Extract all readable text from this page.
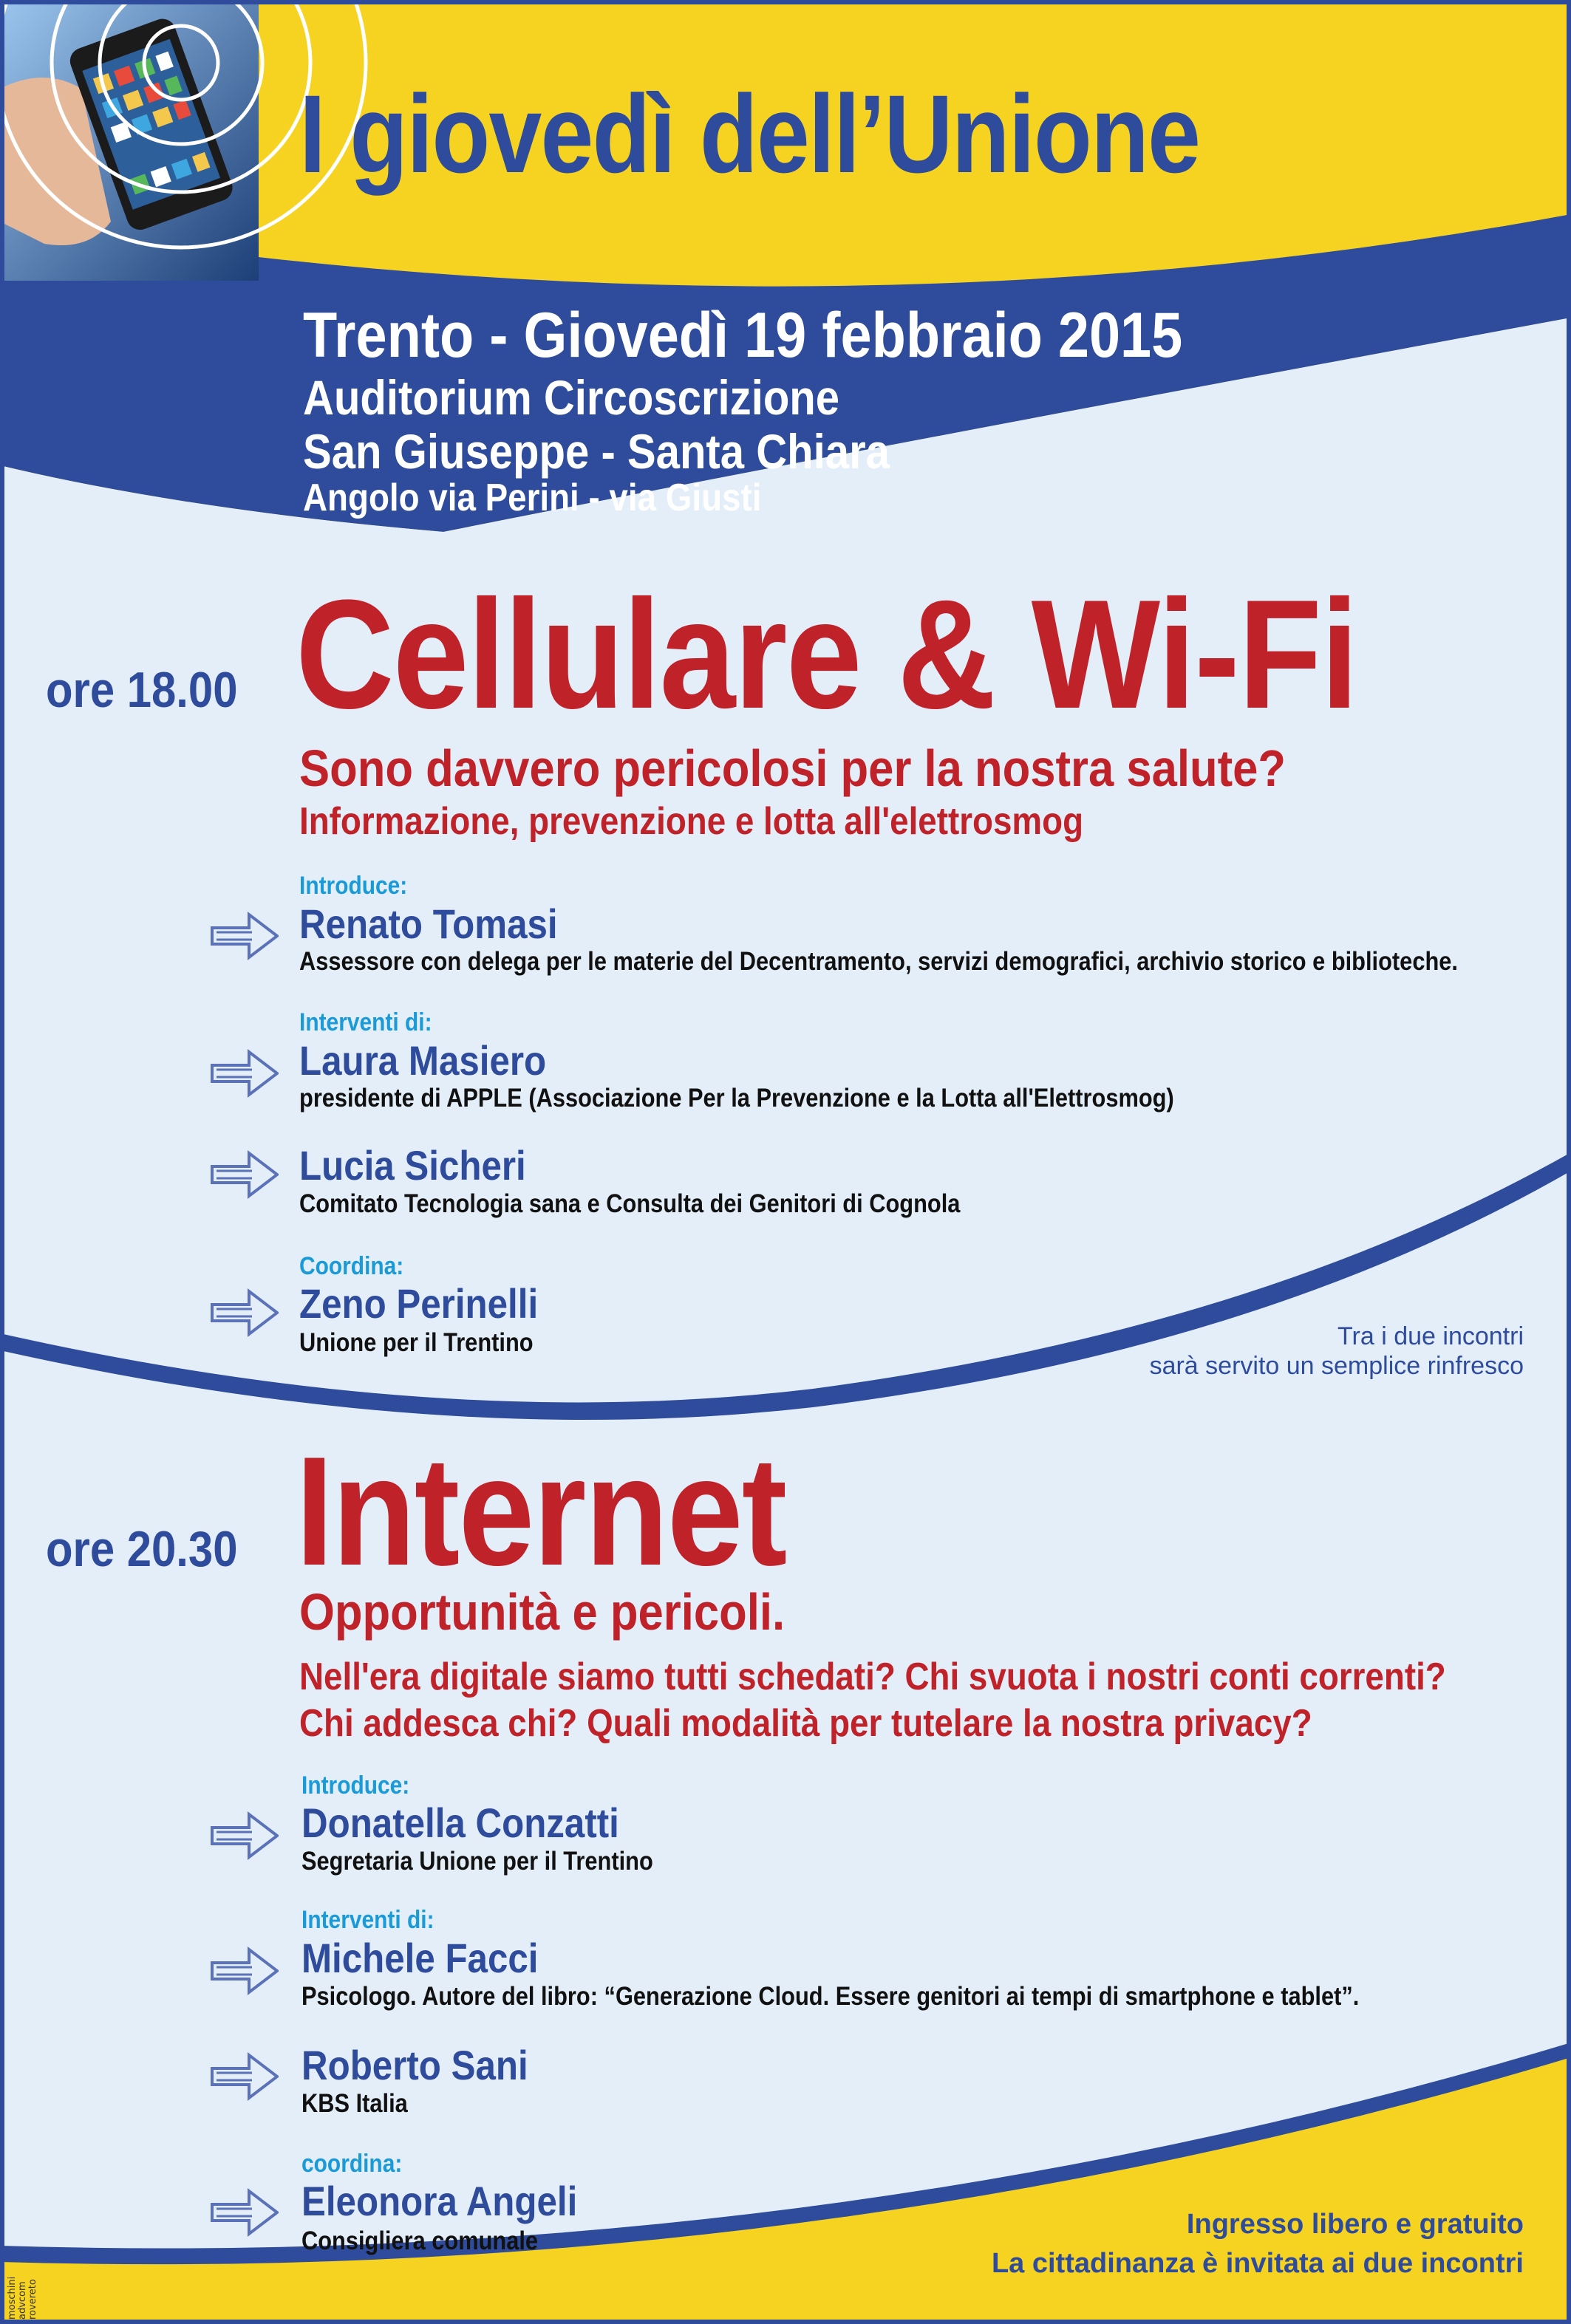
I giovedì dell’Unione
Trento - Giovedì 19 febbraio 2015
Auditorium Circoscrizione
San Giuseppe - Santa Chiara
Angolo via Perini - via Giusti
ore 18.00 Cellulare & Wi-Fi
Sono davvero pericolosi per la nostra salute?
Informazione, prevenzione e lotta all'elettrosmog
Introduce:
Renato Tomasi
Assessore con delega per le materie del Decentramento, servizi demografici, archivio storico e biblioteche.
Interventi di:
Laura Masiero
presidente di APPLE (Associazione Per la Prevenzione e la Lotta all'Elettrosmog)
Lucia Sicheri
Comitato Tecnologia sana e Consulta dei Genitori di Cognola
Coordina:
Zeno Perinelli
Unione per il Trentino	Tra i due incontri
sarà servito un semplice rinfresco
ore 20.30 Internet
Opportunità e pericoli.
Nell'era digitale siamo tutti schedati? Chi svuota i nostri conti correnti?
Chi addesca chi? Quali modalità per tutelare la nostra privacy?
Introduce:
Donatella Conzatti
Segretaria Unione per il Trentino
Interventi di:
Michele Facci
Psicologo. Autore del libro: “Generazione Cloud. Essere genitori ai tempi di smartphone e tablet”.
Roberto Sani
KBS Italia
coordina:
Eleonora Angeli
Consigliera comunale
Ingresso libero e gratuito
La cittadinanza è invitata ai due incontri
moschini
advcom
rovereto
